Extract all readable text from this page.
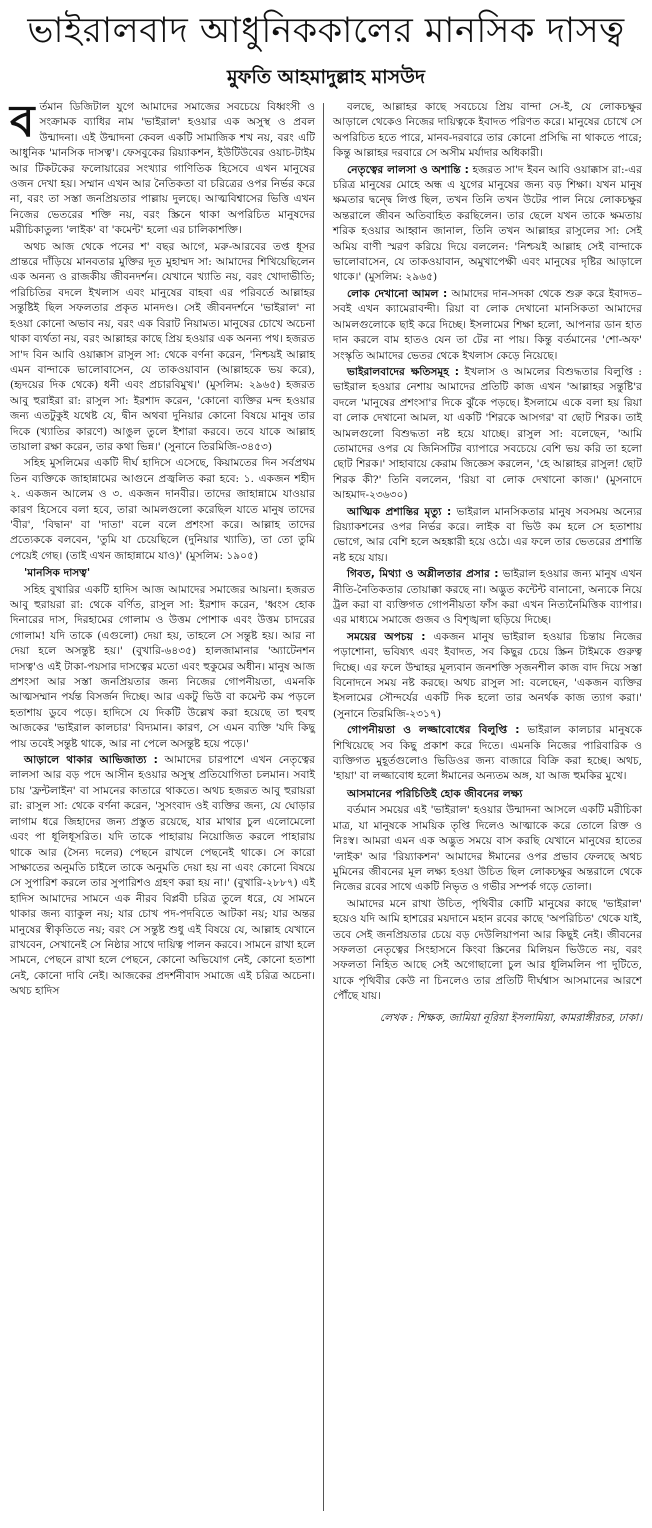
ভাইরালবাদ আধুনিককালের মানসিক দাসত্ব
মুফতি আহমাদুল্লাহ মাসউদ

বর্তমান ডিজিটাল যুগে আমাদের সমাজের সবচেয়ে বিধ্বংসী ও সংক্রামক ব্যাধির নাম 'ভাইরাল' হওয়ার এক অসুস্থ ও প্রবল উন্মাদনা। এই উন্মাদনা কেবল একটি সামাজিক শখ নয়, বরং এটি আধুনিক 'মানসিক দাসত্ব'। ফেসবুকের রিয়্যাকশন, ইউটিউবের ওয়াচ-টাইম আর টিকটকের ফলোয়ারের সংখ্যার গাণিতিক হিসেবে এখন মানুষের ওজন দেখা হয়। সম্মান এখন আর নৈতিকতা বা চরিত্রের ওপর নির্ভর করে না, বরং তা সস্তা জনপ্রিয়তার পাল্লায় দুলছে। আত্মবিশ্বাসের ভিত্তি এখন নিজের ভেতরের শক্তি নয়, বরং স্ক্রিনে থাকা অপরিচিত মানুষদের মরীচিকাতুল্য 'লাইক' বা 'কমেন্ট' হলো এর চালিকাশক্তি।

অথচ আজ থেকে পনের শ' বছর আগে, মরু-আরবের তপ্ত ধূসর প্রান্তরে দাঁড়িয়ে মানবতার মুক্তির দূত মুহাম্মদ সা: আমাদের শিখিয়েছিলেন এক অনন্য ও রাজকীয় জীবনদর্শন। যেখানে খ্যাতি নয়, বরং খোদাভীতি; পরিচিতির বদলে ইখলাস এবং মানুষের বাহবা এর পরিবর্তে আল্লাহর সন্তুষ্টিই ছিল সফলতার প্রকৃত মানদণ্ড। সেই জীবনদর্শনে 'ভাইরাল' না হওয়া কোনো অভাব নয়, বরং এক বিরাট নিয়ামত। মানুষের চোখে অচেনা থাকা ব্যর্থতা নয়, বরং আল্লাহর কাছে প্রিয় হওয়ার এক অনন্য পথ। হজরত সা'দ বিন আবি ওয়াক্কাস রাসুল সা: থেকে বর্ণনা করেন, 'নিশ্চয়ই আল্লাহ এমন বান্দাকে ভালোবাসেন, যে তাকওয়াবান (আল্লাহকে ভয় করে), (হৃদয়ের দিক থেকে) ধনী এবং প্রচারবিমুখ।' (মুসলিম: ২৯৬৫) হজরত আবু হুরাইরা রা: রাসুল সা: ইরশাদ করেন, 'কোনো ব্যক্তির মন্দ হওয়ার জন্য এতটুকুই যথেষ্ট যে, দ্বীন অথবা দুনিয়ার কোনো বিষয়ে মানুষ তার দিকে (খ্যাতির কারণে) আঙুল তুলে ইশারা করবে। তবে যাকে আল্লাহ তায়ালা রক্ষা করেন, তার কথা ভিন্ন।' (সুনানে তিরমিজি-৩৪৫৩)

সহিহ মুসলিমের একটি দীর্ঘ হাদিসে এসেছে, কিয়ামতের দিন সর্বপ্রথম তিন ব্যক্তিকে জাহান্নামের আগুনে প্রজ্বলিত করা হবে: ১. একজন শহীদ ২. একজন আলেম ও ৩. একজন দানবীর। তাদের জাহান্নামে যাওয়ার কারণ হিসেবে বলা হবে, তারা আমলগুলো করেছিল যাতে মানুষ তাদের 'বীর', 'বিদ্বান' বা 'দাতা' বলে বলে প্রশংসা করে। আল্লাহ তাদের প্রত্যেককে বলবেন, 'তুমি যা চেয়েছিলে (দুনিয়ার খ্যাতি), তা তো তুমি পেয়েই গেছ। (তাই এখন জাহান্নামে যাও)' (মুসলিম: ১৯০৫)

'মানসিক দাসত্ব'

সহিহ বুখারির একটি হাদিস আজ আমাদের সমাজের আয়না। হজরত আবু হুরায়রা রা: থেকে বর্ণিত, রাসুল সা: ইরশাদ করেন, 'ধ্বংস হোক দিনারের দাস, দিরহামের গোলাম ও উত্তম পোশাক এবং উত্তম চাদরের গোলাম! যদি তাকে (এগুলো) দেয়া হয়, তাহলে সে সন্তুষ্ট হয়। আর না দেয়া হলে অসন্তুষ্ট হয়।' (বুখারি-৬৪৩৫) হালজামানার 'অ্যাটেনশন দাসত্ব'ও এই টাকা-পয়সার দাসত্বের মতো এবং হুকুমের অধীন। মানুষ আজ প্রশংসা আর সস্তা জনপ্রিয়তার জন্য নিজের গোপনীয়তা, এমনকি আত্মসম্মান পর্যন্ত বিসর্জন দিচ্ছে। আর একটু ভিউ বা কমেন্ট কম পড়লে হতাশায় ডুবে পড়ে। হাদিসে যে দিকটি উল্লেখ করা হয়েছে তা হুবহু আজকের 'ভাইরাল কালচার' বিদ্যমান। কারণ, সে এমন ব্যক্তি 'যদি কিছু পায় তবেই সন্তুষ্ট থাকে, আর না পেলে অসন্তুষ্ট হয়ে পড়ে।'

আড়ালে থাকার আভিজাত্য : আমাদের চারপাশে এখন নেতৃত্বের লালসা আর বড় পদে আসীন হওয়ার অসুস্থ প্রতিযোগিতা চলমান। সবাই চায় 'ফ্রন্টলাইন' বা সামনের কাতারে থাকতে। অথচ হজরত আবু হুরায়রা রা: রাসুল সা: থেকে বর্ণনা করেন, 'সুসংবাদ ওই ব্যক্তির জন্য, যে ঘোড়ার লাগাম ধরে জিহাদের জন্য প্রস্তুত রয়েছে, যার মাথার চুল এলোমেলো এবং পা ধূলিধূসরিত। যদি তাকে পাহারায় নিয়োজিত করলে পাহারায় থাকে আর (সৈন্য দলের) পেছনে রাখলে পেছনেই থাকে। সে কারো সাক্ষাতের অনুমতি চাইলে তাকে অনুমতি দেয়া হয় না এবং কোনো বিষয়ে সে সুপারিশ করলে তার সুপারিশও গ্রহণ করা হয় না।' (বুখারি-২৮৮৭) এই হাদিস আমাদের সামনে এক নীরব বিপ্লবী চরিত্র তুলে ধরে, যে সামনে থাকার জন্য ব্যাকুল নয়; যার চোখ পদ-পদবিতে আটকা নয়; যার অন্তর মানুষের স্বীকৃতিতে নয়; বরং সে সন্তুষ্ট শুধু এই বিষয়ে যে, আল্লাহ যেখানে রাখবেন, সেখানেই সে নিষ্ঠার সাথে দায়িত্ব পালন করবে। সামনে রাখা হলে সামনে, পেছনে রাখা হলে পেছনে, কোনো অভিযোগ নেই, কোনো হতাশা নেই, কোনো দাবি নেই। আজকের প্রদর্শনীবাদ সমাজে এই চরিত্র অচেনা। অথচ হাদিস

বলছে, আল্লাহর কাছে সবচেয়ে প্রিয় বান্দা সে-ই, যে লোকচক্ষুর আড়ালে থেকেও নিজের দায়িত্বকে ইবাদত পরিণত করে। মানুষের চোখে সে অপরিচিত হতে পারে, মানব-দরবারে তার কোনো প্রসিদ্ধি না থাকতে পারে; কিন্তু আল্লাহর দরবারে সে অসীম মর্যাদার অধিকারী।

নেতৃত্বের লালসা ও অশান্তি : হজরত সা'দ ইবন আবি ওয়াক্কাস রা:-এর চরিত্র মানুষের মোহে অন্ধ এ যুগের মানুষের জন্য বড় শিক্ষা। যখন মানুষ ক্ষমতার দ্বন্দ্বে লিপ্ত ছিল, তখন তিনি তখন উটের পাল নিয়ে লোকচক্ষুর অন্তরালে জীবন অতিবাহিত করছিলেন। তার ছেলে যখন তাকে ক্ষমতায় শরিক হওয়ার আহ্বান জানাল, তিনি তখন আল্লাহর রাসুলের সা: সেই অমিয় বাণী স্মরণ করিয়ে দিয়ে বললেন: 'নিশ্চয়ই আল্লাহ সেই বান্দাকে ভালোবাসেন, যে তাকওয়াবান, অমুখাপেক্ষী এবং মানুষের দৃষ্টির আড়ালে থাকে।' (মুসলিম: ২৯৬৫)

লোক দেখানো আমল : আমাদের দান-সদকা থেকে শুরু করে ইবাদত– সবই এখন ক্যামেরাবন্দী। রিয়া বা লোক দেখানো মানসিকতা আমাদের আমলগুলোকে ছাই করে দিচ্ছে। ইসলামের শিক্ষা হলো, আপনার ডান হাত দান করলে বাম হাতও যেন তা টের না পায়। কিন্তু বর্তমানের 'শো-অফ' সংস্কৃতি আমাদের ভেতর থেকে ইখলাস কেড়ে নিয়েছে।

ভাইরালবাদের ক্ষতিসমূহ : ইখলাস ও আমলের বিশুদ্ধতার বিলুপ্তি : ভাইরাল হওয়ার নেশায় আমাদের প্রতিটি কাজ এখন 'আল্লাহর সন্তুষ্টি'র বদলে 'মানুষের প্রশংসা'র দিকে ঝুঁকে পড়ছে। ইসলামে একে বলা হয় রিয়া বা লোক দেখানো আমল, যা একটি 'শিরকে আসগর' বা ছোট শিরক। তাই আমলগুলো বিশুদ্ধতা নষ্ট হয়ে যাচ্ছে। রাসুল সা: বলেছেন, 'আমি তোমাদের ওপর যে জিনিসটির ব্যাপারে সবচেয়ে বেশি ভয় করি তা হলো ছোট শিরক।' সাহাবায়ে কেরাম জিজ্ঞেস করলেন, 'হে আল্লাহর রাসুল! ছোট শিরক কী?' তিনি বললেন, 'রিয়া বা লোক দেখানো কাজ।' (মুসনাদে আহমাদ-২৩৬৩০)

আত্মিক প্রশান্তির মৃত্যু : ভাইরাল মানসিকতার মানুষ সবসময় অন্যের রিয়্যাকশনের ওপর নির্ভর করে। লাইক বা ভিউ কম হলে সে হতাশায় ভোগে, আর বেশি হলে অহঙ্কারী হয়ে ওঠে। এর ফলে তার ভেতরের প্রশান্তি নষ্ট হয়ে যায়।

গিবত, মিথ্যা ও অশ্লীলতার প্রসার : ভাইরাল হওয়ার জন্য মানুষ এখন নীতি-নৈতিকতার তোয়াক্কা করছে না। অদ্ভুত কন্টেন্ট বানানো, অন্যকে নিয়ে ট্রল করা বা ব্যক্তিগত গোপনীয়তা ফাঁস করা এখন নিত্যনৈমিত্তিক ব্যাপার। এর মাধ্যমে সমাজে গুজব ও বিশৃঙ্খলা ছড়িয়ে দিচ্ছে।

সময়ের অপচয় : একজন মানুষ ভাইরাল হওয়ার চিন্তায় নিজের পড়াশোনা, ভবিষ্যৎ এবং ইবাদত, সব কিছুর চেয়ে স্ক্রিন টাইমকে গুরুত্ব দিচ্ছে। এর ফলে উম্মাহর মূল্যবান জনশক্তি সৃজনশীল কাজ বাদ দিয়ে সস্তা বিনোদনে সময় নষ্ট করছে। অথচ রাসুল সা: বলেছেন, 'একজন ব্যক্তির ইসলামের সৌন্দর্যের একটি দিক হলো তার অনর্থক কাজ ত্যাগ করা।' (সুনানে তিরমিজি-২৩১৭)

গোপনীয়তা ও লজ্জাবোধের বিলুপ্তি : ভাইরাল কালচার মানুষকে শিখিয়েছে সব কিছু প্রকাশ করে দিতে। এমনকি নিজের পারিবারিক ও ব্যক্তিগত মুহূর্তগুলোও ভিডিওর জন্য বাজারে বিক্রি করা হচ্ছে। অথচ, 'হায়া' বা লজ্জাবোধ হলো ঈমানের অন্যতম অঙ্গ, যা আজ হুমকির মুখে।

আসমানের পরিচিতিই হোক জীবনের লক্ষ্য

বর্তমান সময়ের এই 'ভাইরাল' হওয়ার উন্মাদনা আসলে একটি মরীচিকা মাত্র, যা মানুষকে সাময়িক তৃপ্তি দিলেও আত্মাকে করে তোলে রিক্ত ও নিঃস্ব। আমরা এমন এক অদ্ভুত সময়ে বাস করছি যেখানে মানুষের হাতের 'লাইক' আর 'রিয়্যাকশন' আমাদের ঈমানের ওপর প্রভাব ফেলছে অথচ মুমিনের জীবনের মূল লক্ষ্য হওয়া উচিত ছিল লোকচক্ষুর অন্তরালে থেকে নিজের রবের সাথে একটি নিভৃত ও গভীর সম্পর্ক গড়ে তোলা।

আমাদের মনে রাখা উচিত, পৃথিবীর কোটি মানুষের কাছে 'ভাইরাল' হয়েও যদি আমি হাশরের ময়দানে মহান রবের কাছে 'অপরিচিত' থেকে যাই, তবে সেই জনপ্রিয়তার চেয়ে বড় দেউলিয়াপনা আর কিছুই নেই। জীবনের সফলতা নেতৃত্বের সিংহাসনে কিংবা স্ক্রিনের মিলিয়ন ভিউতে নয়, বরং সফলতা নিহিত আছে সেই অগোছালো চুল আর ধূলিমলিন পা দুটিতে, যাকে পৃথিবীর কেউ না চিনলেও তার প্রতিটি দীর্ঘশ্বাস আসমানের আরশে পৌঁছে যায়।

লেখক : শিক্ষক, জামিয়া নূরিয়া ইসলামিয়া, কামরাঙ্গীরচর, ঢাকা।
